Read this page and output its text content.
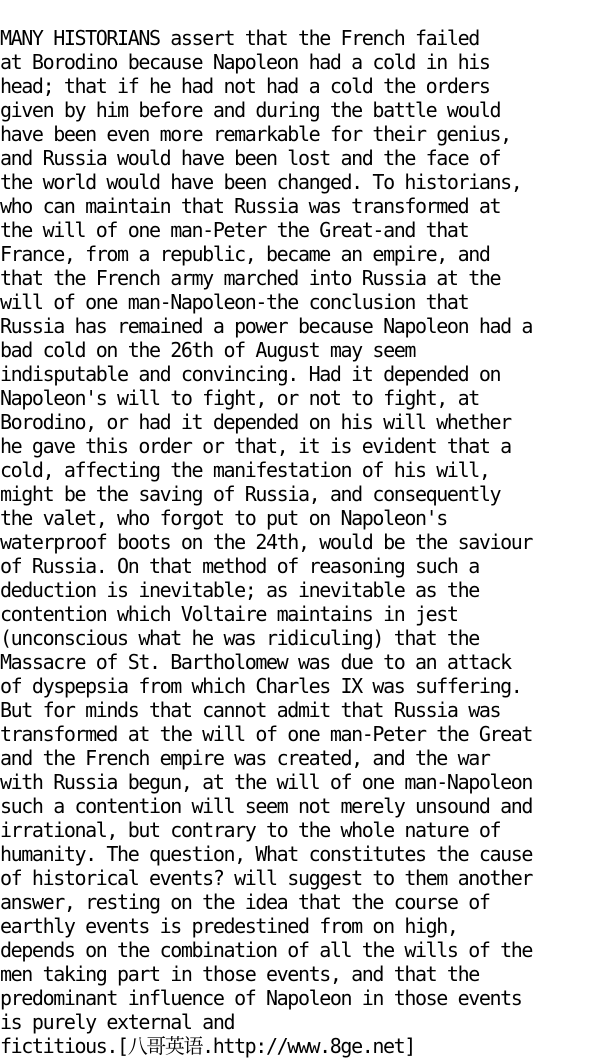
MANY HISTORIANS assert that the French failed
at Borodino because Napoleon had a cold in his
head; that if he had not had a cold the orders
given by him before and during the battle would
have been even more remarkable for their genius,
and Russia would have been lost and the face of
the world would have been changed. To historians,
who can maintain that Russia was transformed at
the will of one man-Peter the Great-and that
France, from a republic, became an empire, and
that the French army marched into Russia at the
will of one man-Napoleon-the conclusion that
Russia has remained a power because Napoleon had a
bad cold on the 26th of August may seem
indisputable and convincing. Had it depended on
Napoleon's will to fight, or not to fight, at
Borodino, or had it depended on his will whether
he gave this order or that, it is evident that a
cold, affecting the manifestation of his will,
might be the saving of Russia, and consequently
the valet, who forgot to put on Napoleon's
waterproof boots on the 24th, would be the saviour
of Russia. On that method of reasoning such a
deduction is inevitable; as inevitable as the
contention which Voltaire maintains in jest
(unconscious what he was ridiculing) that the
Massacre of St. Bartholomew was due to an attack
of dyspepsia from which Charles IX was suffering.
But for minds that cannot admit that Russia was
transformed at the will of one man-Peter the Great
and the French empire was created, and the war
with Russia begun, at the will of one man-Napoleon
such a contention will seem not merely unsound and
irrational, but contrary to the whole nature of
humanity. The question, What constitutes the cause
of historical events? will suggest to them another
answer, resting on the idea that the course of
earthly events is predestined from on high,
depends on the combination of all the wills of the
men taking part in those events, and that the
predominant influence of Napoleon in those events
is purely external and
fictitious.[八哥英语.http://www.8ge.net]
